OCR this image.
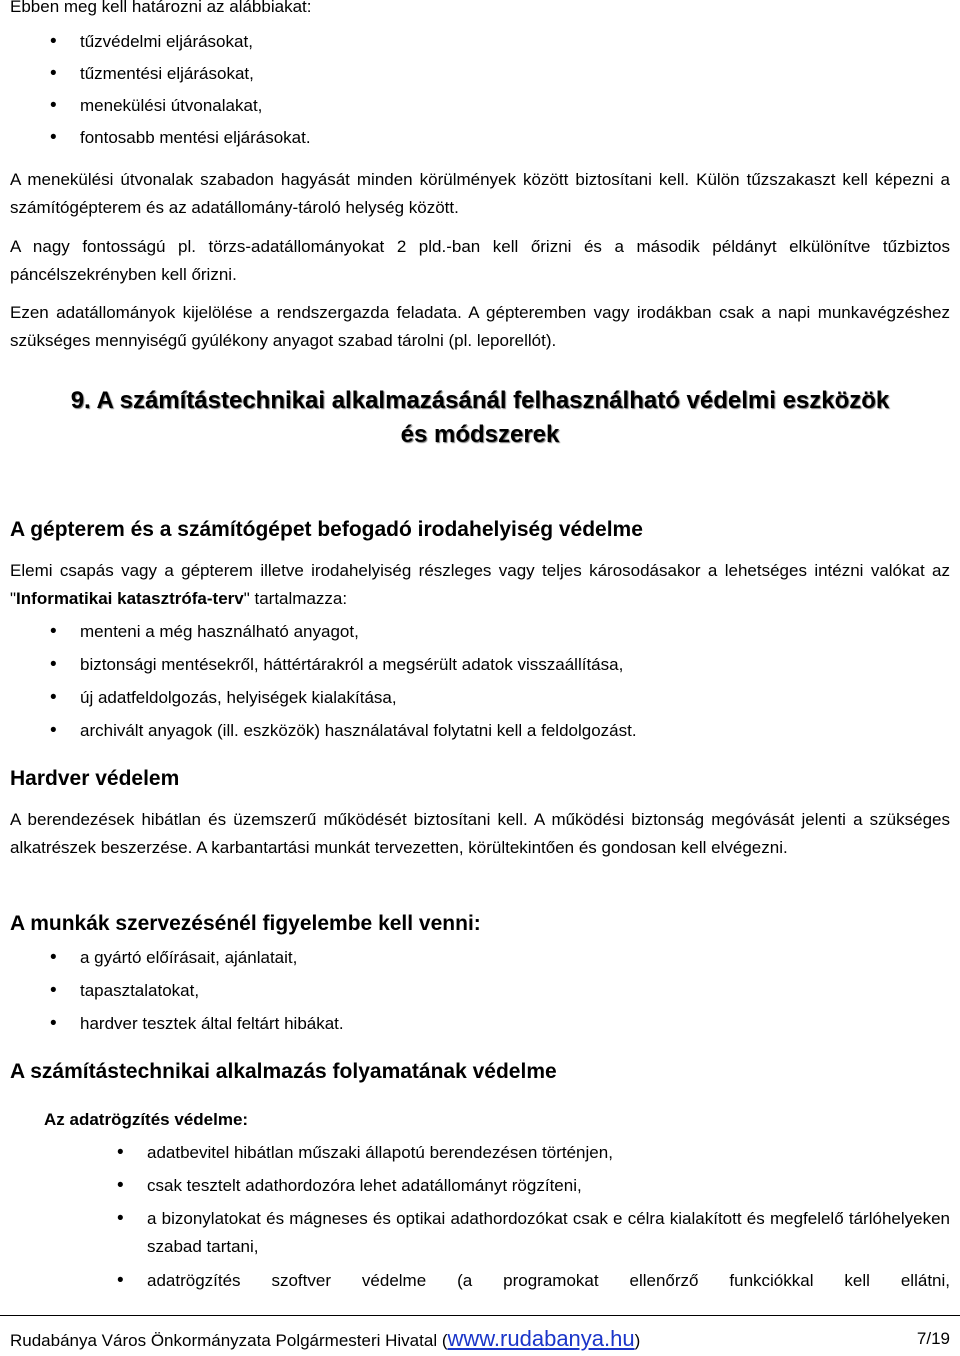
Ebben meg kell határozni az alábbiakat:

• tűzvédelmi eljárásokat,
• tűzmentési eljárásokat,
• menekülési útvonalakat,
• fontosabb mentési eljárásokat.

A menekülési útvonalak szabadon hagyását minden körülmények között biztosítani kell. Külön tűzszakaszt kell képezni a számítógépterem és az adatállomány-tároló helység között.

A nagy fontosságú pl. törzs-adatállományokat 2 pld.-ban kell őrizni és a második példányt elkülönítve tűzbiztos páncélszekrényben kell őrizni.

Ezen adatállományok kijelölése a rendszergazda feladata. A gépteremben vagy irodákban csak a napi munkavégzéshez szükséges mennyiségű gyúlékony anyagot szabad tárolni (pl. leporellót).

9. A számítástechnikai alkalmazásánál felhasználható védelmi eszközök
és módszerek
A gépterem és a számítógépet befogadó irodahelyiség védelme

Elemi csapás vagy a gépterem illetve irodahelyiség részleges vagy teljes károsodásakor a lehetséges intézni valókat az "Informatikai katasztrófa-terv" tartalmazza:

• menteni a még használható anyagot,
• biztonsági mentésekről, háttértárakról a megsérült adatok visszaállítása,
• új adatfeldolgozás, helyiségek kialakítása,
• archivált anyagok (ill. eszközök) használatával folytatni kell a feldolgozást.
Hardver védelem

A berendezések hibátlan és üzemszerű működését biztosítani kell. A működési biztonság megóvását jelenti a szükséges alkatrészek beszerzése. A karbantartási munkát tervezetten, körültekintően és gondosan kell elvégezni.

A munkák szervezésénél figyelembe kell venni:
• a gyártó előírásait, ajánlatait,
• tapasztalatokat,
• hardver tesztek által feltárt hibákat.
A számítástechnikai alkalmazás folyamatának védelme
Az adatrögzítés védelme:
• adatbevitel hibátlan műszaki állapotú berendezésen történjen,
• csak tesztelt adathordozóra lehet adatállományt rögzíteni,
• a bizonylatokat és mágneses és optikai adathordozókat csak e célra kialakított és megfelelő tárlóhelyeken szabad tartani,
• adatrögzítés szoftver védelme (a programokat ellenőrző funkciókkal kell ellátni,
Rudabánya Város Önkormányzata Polgármesteri Hivatal (www.rudabanya.hu)	7/19
